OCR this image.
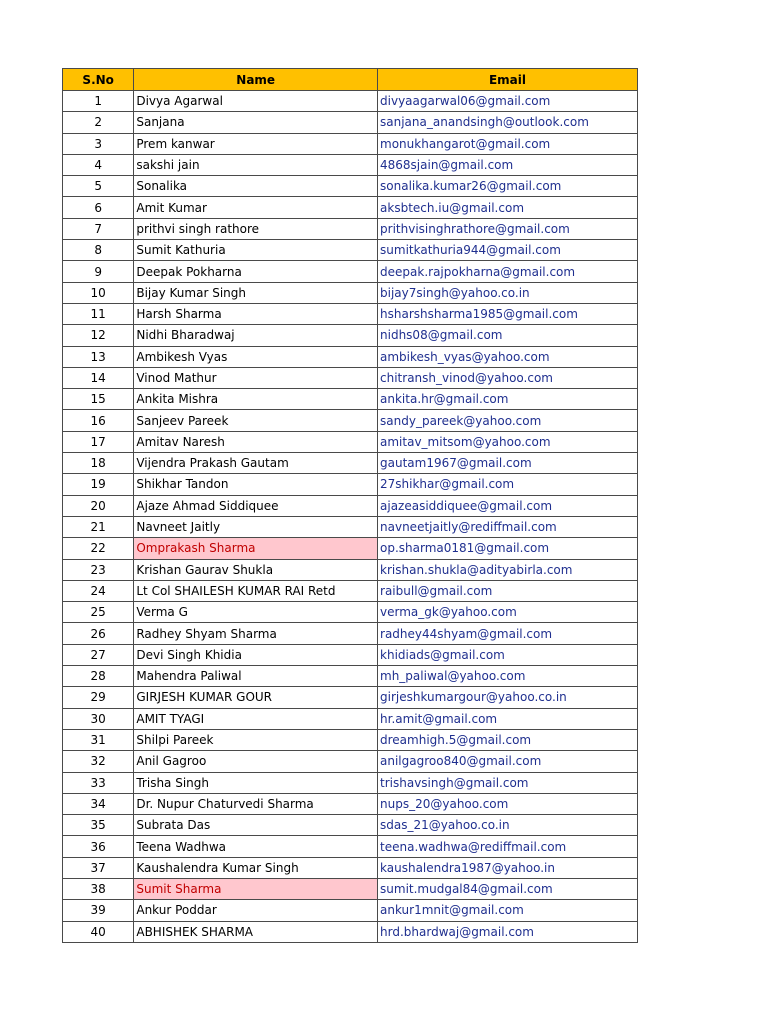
S.No	Name	Email
1	Divya Agarwal	divyaagarwal06@gmail.com
2	Sanjana	sanjana_anandsingh@outlook.com
3	Prem kanwar	monukhangarot@gmail.com
4	sakshi jain	4868sjain@gmail.com
5	Sonalika	sonalika.kumar26@gmail.com
6	Amit Kumar	aksbtech.iu@gmail.com
7	prithvi singh rathore	prithvisinghrathore@gmail.com
8	Sumit Kathuria	sumitkathuria944@gmail.com
9	Deepak Pokharna	deepak.rajpokharna@gmail.com
10	Bijay Kumar Singh	bijay7singh@yahoo.co.in
11	Harsh Sharma	hsharshsharma1985@gmail.com
12	Nidhi Bharadwaj	nidhs08@gmail.com
13	Ambikesh Vyas	ambikesh_vyas@yahoo.com
14	Vinod Mathur	chitransh_vinod@yahoo.com
15	Ankita Mishra	ankita.hr@gmail.com
16	Sanjeev Pareek	sandy_pareek@yahoo.com
17	Amitav Naresh	amitav_mitsom@yahoo.com
18	Vijendra Prakash Gautam	gautam1967@gmail.com
19	Shikhar Tandon	27shikhar@gmail.com
20	Ajaze Ahmad Siddiquee	ajazeasiddiquee@gmail.com
21	Navneet Jaitly	navneetjaitly@rediffmail.com
22	Omprakash Sharma	op.sharma0181@gmail.com
23	Krishan Gaurav Shukla	krishan.shukla@adityabirla.com
24	Lt Col SHAILESH KUMAR RAI Retd	raibull@gmail.com
25	Verma G	verma_gk@yahoo.com
26	Radhey Shyam Sharma	radhey44shyam@gmail.com
27	Devi Singh Khidia	khidiads@gmail.com
28	Mahendra Paliwal	mh_paliwal@yahoo.com
29	GIRJESH KUMAR GOUR	girjeshkumargour@yahoo.co.in
30	AMIT TYAGI	hr.amit@gmail.com
31	Shilpi Pareek	dreamhigh.5@gmail.com
32	Anil Gagroo	anilgagroo840@gmail.com
33	Trisha Singh	trishavsingh@gmail.com
34	Dr. Nupur Chaturvedi Sharma	nups_20@yahoo.com
35	Subrata Das	sdas_21@yahoo.co.in
36	Teena Wadhwa	teena.wadhwa@rediffmail.com
37	Kaushalendra Kumar Singh	kaushalendra1987@yahoo.in
38	Sumit Sharma	sumit.mudgal84@gmail.com
39	Ankur Poddar	ankur1mnit@gmail.com
40	ABHISHEK SHARMA	hrd.bhardwaj@gmail.com
